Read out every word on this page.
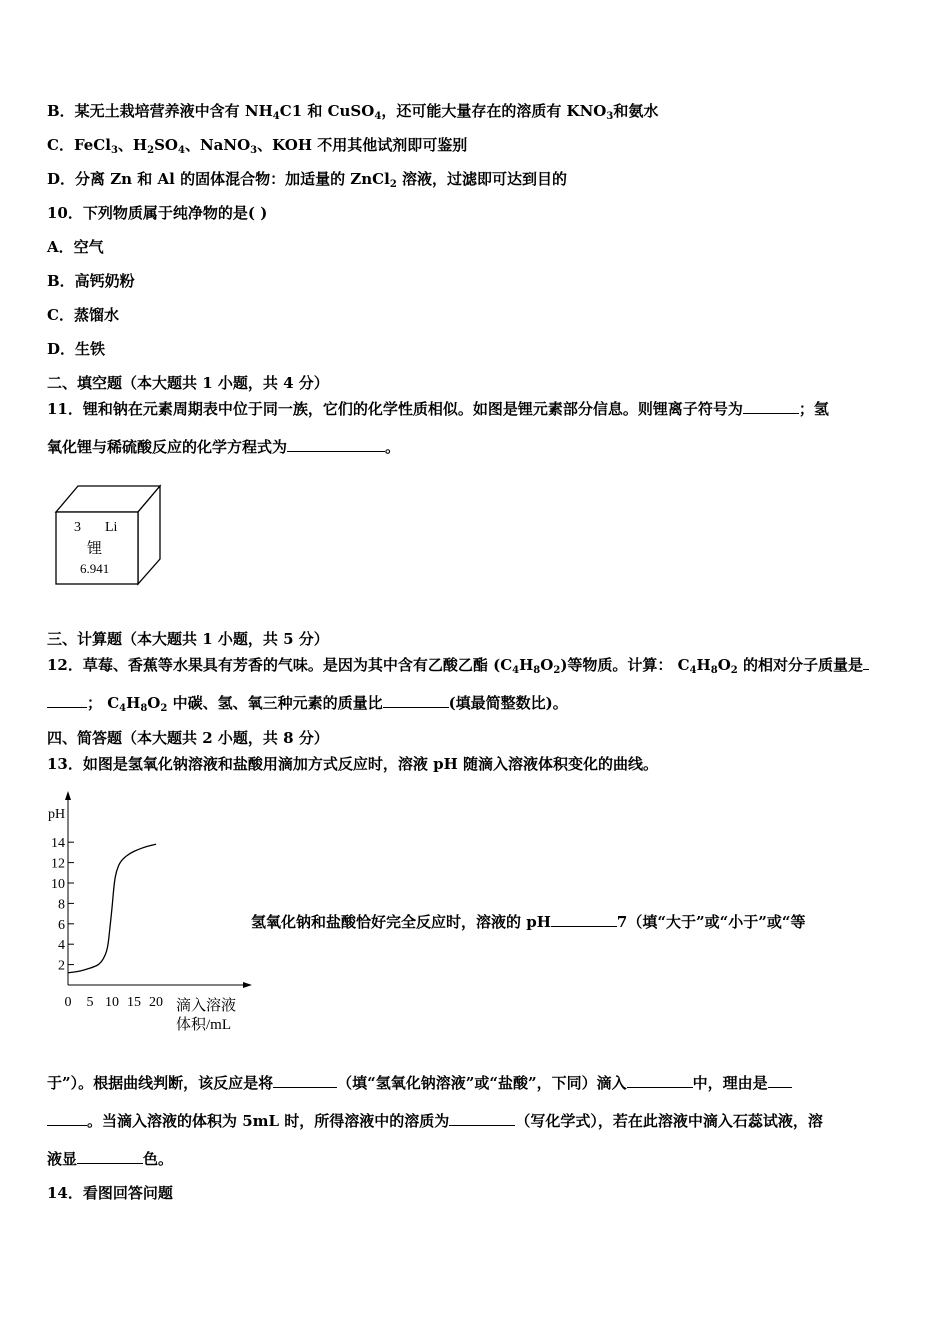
B．某无土栽培营养液中含有 $NH_4C1$ 和 CuSO$_4$，还可能大量存在的溶质有 $KNO_3$和氨水
C．FeCl$_3$、$H_2SO_4$、NaNO$_3$、KOH 不用其他试剂即可鉴别
D．分离 Zn 和 Al 的固体混合物：加适量的 ZnCl$_2$ 溶液，过滤即可达到目的
10．下列物质属于纯净物的是( )
A．空气
B．高钙奶粉
C．蒸馏水
D．生铁
二、填空题（本大题共 1 小题，共 4 分）
11．锂和钠在元素周期表中位于同一族，它们的化学性质相似。如图是锂元素部分信息。则锂离子符号为	；氢
氧化锂与稀硫酸反应的化学方程式为	。
3 Li
锂
6.941
三、计算题（本大题共 1 小题，共 5 分）
12．草莓、香蕉等水果具有芳香的气味。是因为其中含有乙酸乙酯 $(C_4H_8O_2)$等物质。计算： $C_4H_8O_2$ 的相对分子质量是
； $C_4H_8O_2$ 中碳、氢、氧三种元素的质量比	(填最简整数比)。
四、简答题（本大题共 2 小题，共 8 分）
13．如图是氢氧化钠溶液和盐酸用滴加方式反应时，溶液 pH 随滴入溶液体积变化的曲线。
pH
滴入溶液
体积/mL
2
4
6
8
10
12
14
0 5 10 15 20
氢氧化钠和盐酸恰好完全反应时，溶液的 pH	7（填“大于”或“小于”或“等
于”）。根据曲线判断，该反应是将	（填“氢氧化钠溶液”或“盐酸”，下同）滴入	中，理由是
。当滴入溶液的体积为 5mL 时，所得溶液中的溶质为	（写化学式），若在此溶液中滴入石蕊试液，溶
液显	色。
14．看图回答问题
